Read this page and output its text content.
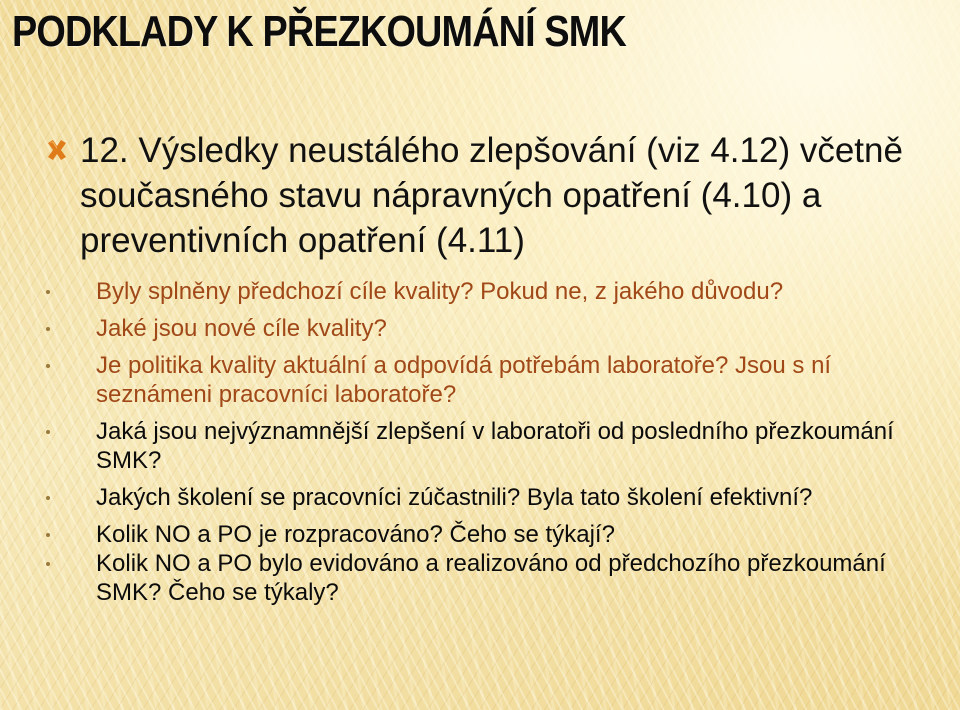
PODKLADY K PŘEZKOUMÁNÍ SMK

12. Výsledky neustálého zlepšování (viz 4.12) včetně současného stavu nápravných opatření (4.10) a preventivních opatření (4.11)

Byly splněny předchozí cíle kvality? Pokud ne, z jakého důvodu?
Jaké jsou nové cíle kvality?
Je politika kvality aktuální a odpovídá potřebám laboratoře? Jsou s ní seznámeni pracovníci laboratoře?
Jaká jsou nejvýznamnější zlepšení v laboratoři od posledního přezkoumání SMK?
Jakých školení se pracovníci zúčastnili? Byla tato školení efektivní?
Kolik NO a PO je rozpracováno? Čeho se týkají?
Kolik NO a PO bylo evidováno a realizováno od předchozího přezkoumání SMK? Čeho se týkaly?
